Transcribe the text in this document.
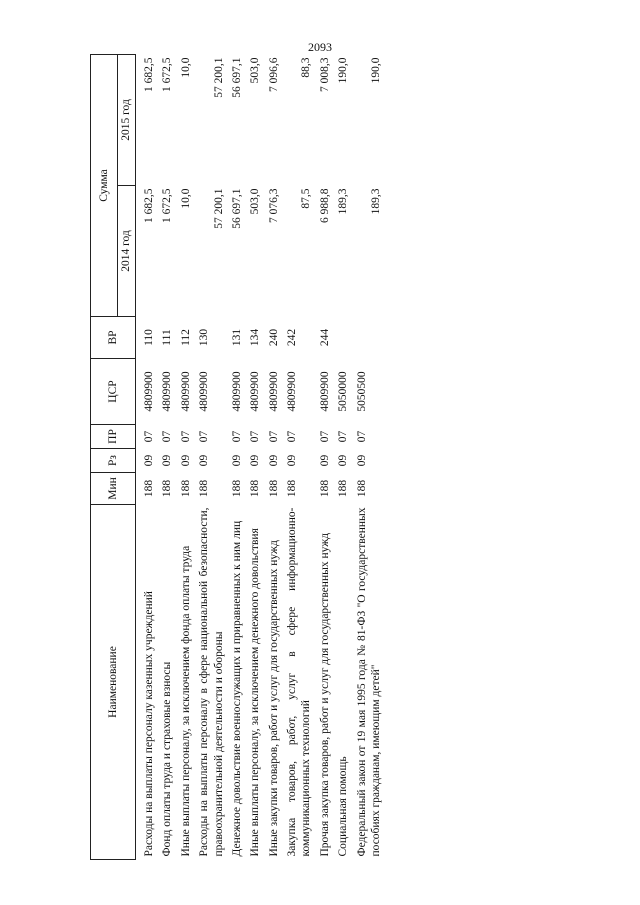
2093
Наименование	Мин	Рз	ПР	ЦСР	ВР	Сумма	
						2014 год	2015 год
Расходы на выплаты персоналу казенных учреждений	188	09	07	4809900	110	1 682,5	1 682,5
Фонд оплаты труда и страховые взносы	188	09	07	4809900	111	1 672,5	1 672,5
Иные выплаты персоналу, за исключением фонда оплаты труда	188	09	07	4809900	112	10,0	10,0
Расходы на выплаты персоналу в сфере национальной безопасности, правоохранительной деятельности и обороны	188	09	07	4809900	130	57 200,1	57 200,1
Денежное довольствие военнослужащих и приравненных к ним лиц	188	09	07	4809900	131	56 697,1	56 697,1
Иные выплаты персоналу, за исключением денежного довольствия	188	09	07	4809900	134	503,0	503,0
Иные закупки товаров, работ и услуг для государственных нужд	188	09	07	4809900	240	7 076,3	7 096,6
Закупка товаров, работ, услуг в сфере информационно-коммуникационных технологий	188	09	07	4809900	242	87,5	88,3
Прочая закупка товаров, работ и услуг для государственных нужд	188	09	07	4809900	244	6 988,8	7 008,3
Социальная помощь	188	09	07	5050000		189,3	190,0
Федеральный закон от 19 мая 1995 года № 81-ФЗ "О государственных пособиях гражданам, имеющим детей"	188	09	07	5050500		189,3	190,0
